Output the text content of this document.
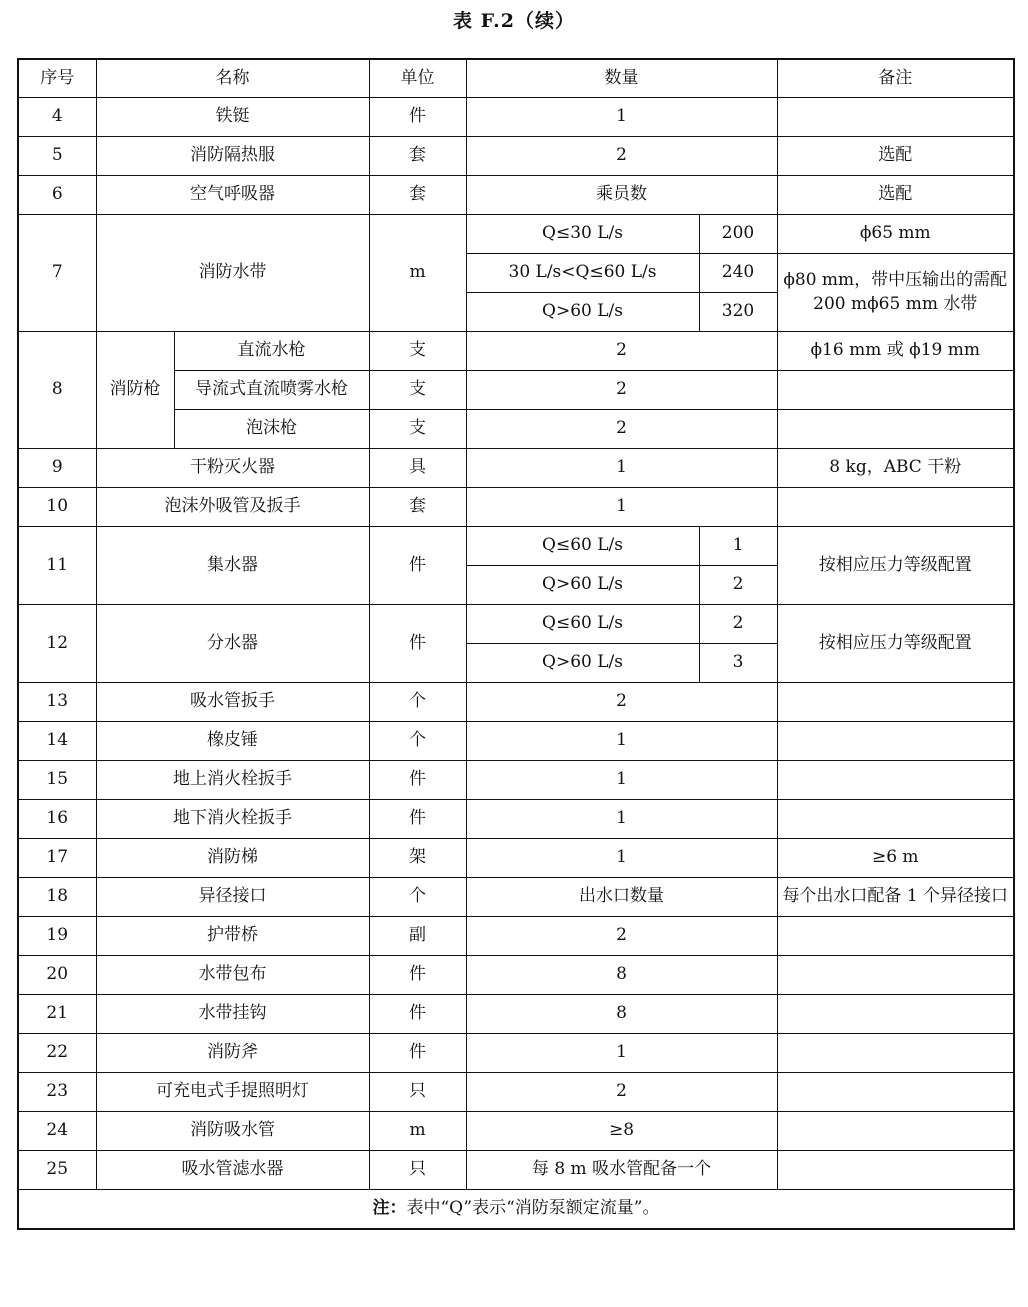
表 F.2（续）
序号	名称		单位	数量		备注
4	铁铤		件	1		
5	消防隔热服		套	2		选配
6	空气呼吸器		套	乘员数		选配
7	消防水带		m	Q≤30 L/s	200	ϕ65 mm
				30 L/s<Q≤60 L/s	240	ϕ80 mm，带中压输出的需配 200 mϕ65 mm 水带
				Q>60 L/s	320	
8	消防枪	直流水枪	支	2		ϕ16 mm 或 ϕ19 mm
		导流式直流喷雾水枪	支	2		
		泡沫枪	支	2		
9	干粉灭火器		具	1		8 kg，ABC 干粉
10	泡沫外吸管及扳手		套	1		
11	集水器		件	Q≤60 L/s	1	按相应压力等级配置
				Q>60 L/s	2	
12	分水器		件	Q≤60 L/s	2	按相应压力等级配置
				Q>60 L/s	3	
13	吸水管扳手		个	2		
14	橡皮锤		个	1		
15	地上消火栓扳手		件	1		
16	地下消火栓扳手		件	1		
17	消防梯		架	1		≥6 m
18	异径接口		个	出水口数量		每个出水口配备 1 个异径接口
19	护带桥		副	2		
20	水带包布		件	8		
21	水带挂钩		件	8		
22	消防斧		件	1		
23	可充电式手提照明灯		只	2		
24	消防吸水管		m	≥8		
25	吸水管滤水器		只	每 8 m 吸水管配备一个		
注：表中“Q”表示“消防泵额定流量”。						
